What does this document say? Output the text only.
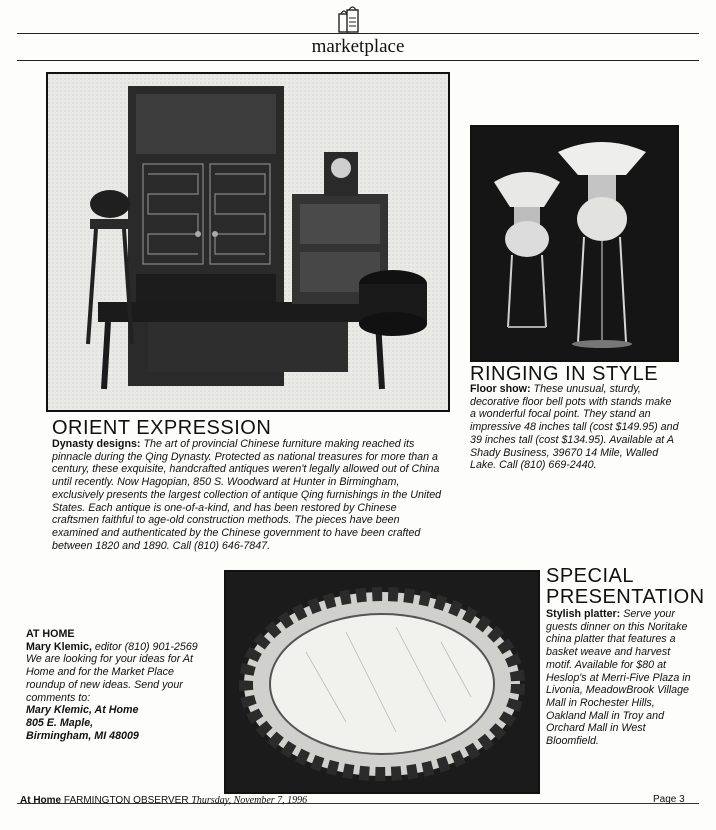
marketplace
ORIENT EXPRESSION
Dynasty designs: The art of provincial Chinese furniture making reached its pinnacle during the Qing Dynasty. Protected as national treasures for more than a century, these exquisite, handcrafted antiques weren't legally allowed out of China until recently. Now Hagopian, 850 S. Woodward at Hunter in Birmingham, exclusively presents the largest collection of antique Qing furnishings in the United States. Each antique is one-of-a-kind, and has been restored by Chinese craftsmen faithful to age-old construction methods. The pieces have been examined and authenticated by the Chinese government to have been crafted between 1820 and 1890. Call (810) 646-7847.
RINGING IN STYLE
Floor show: These unusual, sturdy, decorative floor bell pots with stands make a wonderful focal point. They stand an impressive 48 inches tall (cost $149.95) and 39 inches tall (cost $134.95). Available at A Shady Business, 39670 14 Mile, Walled Lake. Call (810) 669-2440.
SPECIAL PRESENTATION
Stylish platter: Serve your guests dinner on this Noritake china platter that features a basket weave and harvest motif. Available for $80 at Heslop's at Merri-Five Plaza in Livonia, MeadowBrook Village Mall in Rochester Hills, Oakland Mall in Troy and Orchard Mall in West Bloomfield.
AT HOME
Mary Klemic, editor (810) 901-2569
We are looking for your ideas for At Home and for the Market Place roundup of new ideas. Send your comments to:
Mary Klemic, At Home
805 E. Maple,
Birmingham, MI 48009
At Home FARMINGTON OBSERVER Thursday, November 7, 1996	Page 3
